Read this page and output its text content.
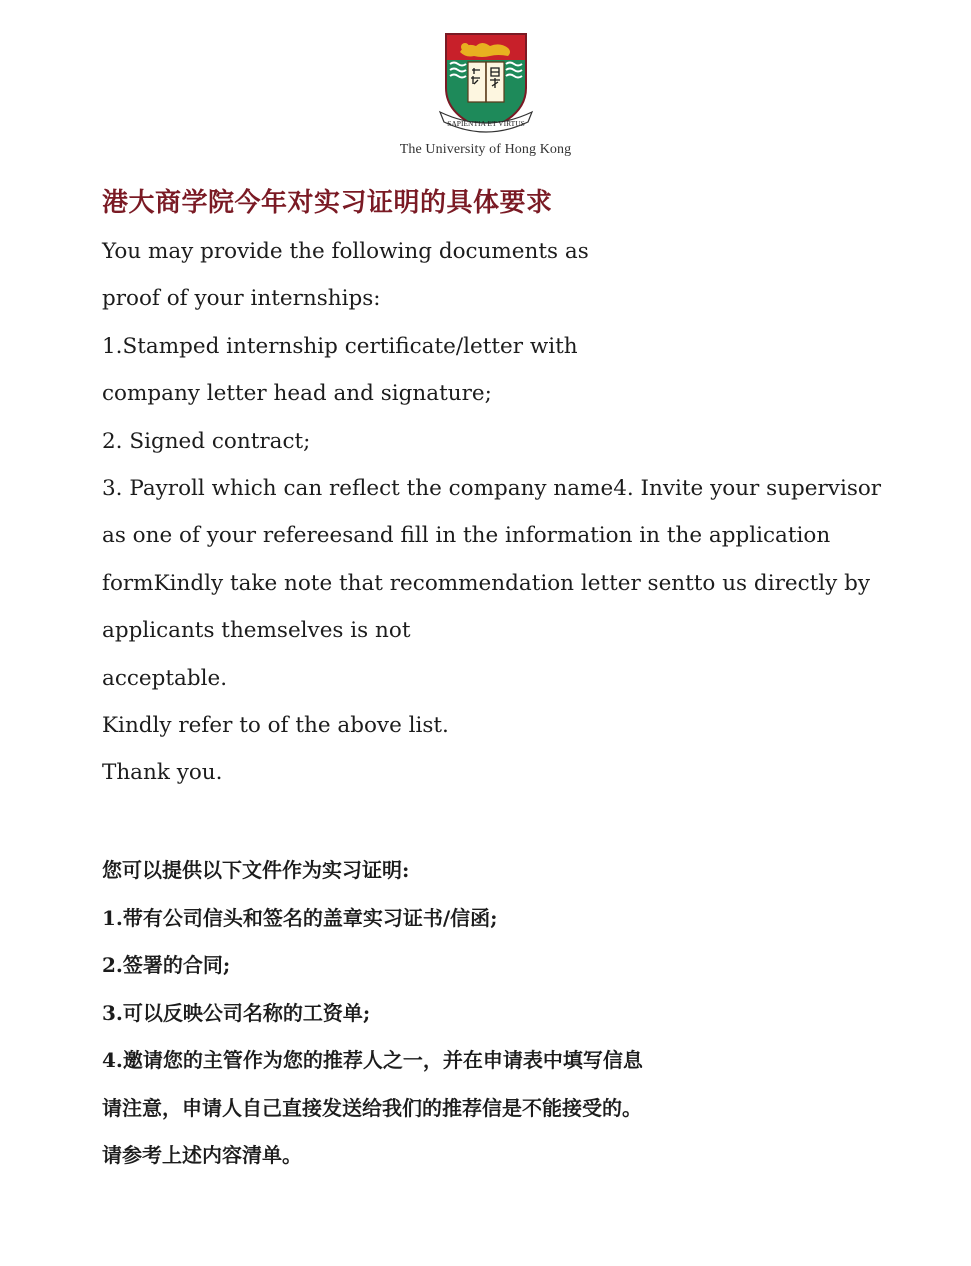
SAPIENTIA ET VIRTUS
The University of Hong Kong
港大商学院今年对实习证明的具体要求
You may provide the following documents as
proof of your internships:
1.Stamped internship certificate/letter with
company letter head and signature;
2. Signed contract;
3. Payroll which can reflect the company name4. Invite your supervisor
as one of your refereesand fill in the information in the application
formKindly take note that recommendation letter sentto us directly by
applicants themselves is not
acceptable.
Kindly refer to of the above list.
Thank you.
您可以提供以下文件作为实习证明:
1.带有公司信头和签名的盖章实习证书/信函;
2.签署的合同;
3.可以反映公司名称的工资单;
4.邀请您的主管作为您的推荐人之一，并在申请表中填写信息
请注意，申请人自己直接发送给我们的推荐信是不能接受的。
请参考上述内容清单。
